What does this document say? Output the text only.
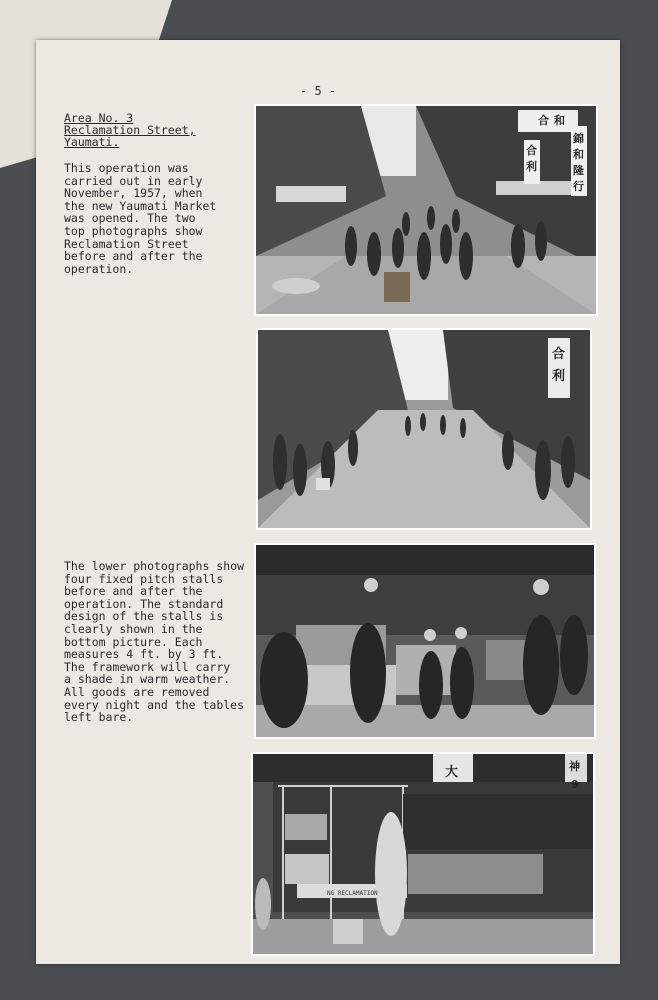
- 5 -
Area No. 3
Reclamation Street,
Yaumati.
This operation was
carried out in early
November, 1957, when
the new Yaumati Market
was opened. The two
top photographs show
Reclamation Street
before and after the
operation.
The lower photographs show
four fixed pitch stalls
before and after the
operation. The standard
design of the stalls is
clearly shown in the
bottom picture. Each
measures 4 ft. by 3 ft.
The framework will carry
a shade in warm weather.
All goods are removed
every night and the tables
left bare.
合
利
錦
和
隆
行
合 和
合
利
大	神
9
NG RECLAMATION
